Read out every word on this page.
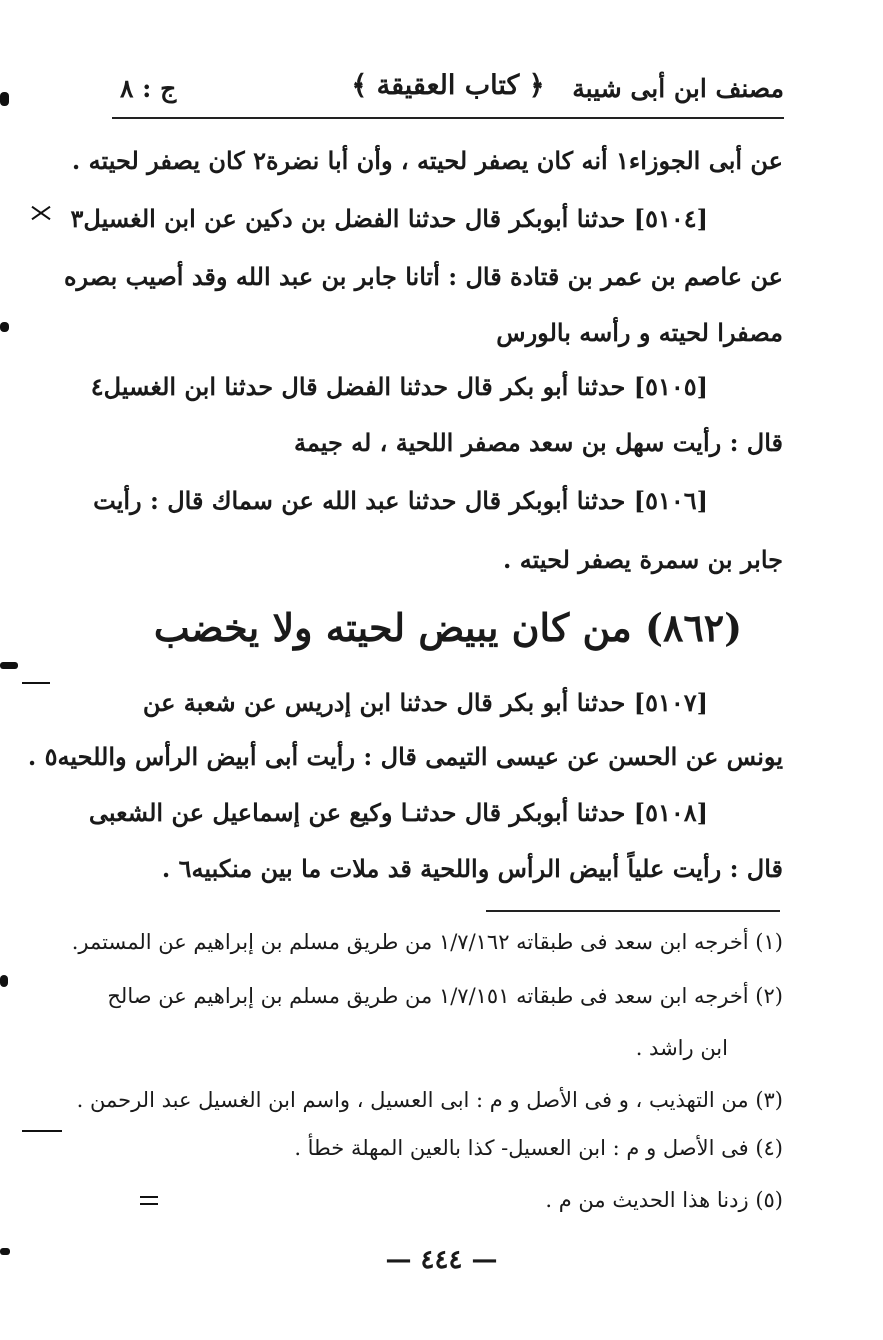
مصنف ابن أبى شيبة
﴿ كتاب العقيقة ﴾
ج : ٨
عن أبى الجوزاء١ أنه كان يصفر لحيته ، وأن أبا نضرة٢ كان يصفر لحيته .
[٥١٠٤] حدثنا أبوبكر قال حدثنا الفضل بن دكين عن ابن الغسيل٣
عن عاصم بن عمر بن قتادة قال : أتانا جابر بن عبد الله وقد أصيب بصره
مصفرا لحيته و رأسه بالورس
[٥١٠٥] حدثنا أبو بكر قال حدثنا الفضل قال حدثنا ابن الغسيل٤
قال : رأيت سهل بن سعد مصفر اللحية ، له جيمة
[٥١٠٦] حدثنا أبوبكر قال حدثنا عبد الله عن سماك قال : رأيت
جابر بن سمرة يصفر لحيته .
(٨٦٢) من كان يبيض لحيته ولا يخضب
[٥١٠٧] حدثنا أبو بكر قال حدثنا ابن إدريس عن شعبة عن
يونس عن الحسن عن عيسى التيمى قال : رأيت أبى أبيض الرأس واللحيه٥ .
[٥١٠٨] حدثنا أبوبكر قال حدثنـا وكيع عن إسماعيل عن الشعبى
قال : رأيت علياً أبيض الرأس واللحية قد ملات ما بين منكبيه٦ .
(١) أخرجه ابن سعد فى طبقاته ١/٧/١٦٢ من طريق مسلم بن إبراهيم عن المستمر.
(٢) أخرجه ابن سعد فى طبقاته ١/٧/١٥١ من طريق مسلم بن إبراهيم عن صالح
ابن راشد .
(٣) من التهذيب ، و فى الأصل و م : ابى العسيل ، واسم ابن الغسيل عبد الرحمن .
(٤) فى الأصل و م : ابن العسيل- كذا بالعين المهلة خطأ .
(٥) زدنا هذا الحديث من م .
— ٤٤٤ —
